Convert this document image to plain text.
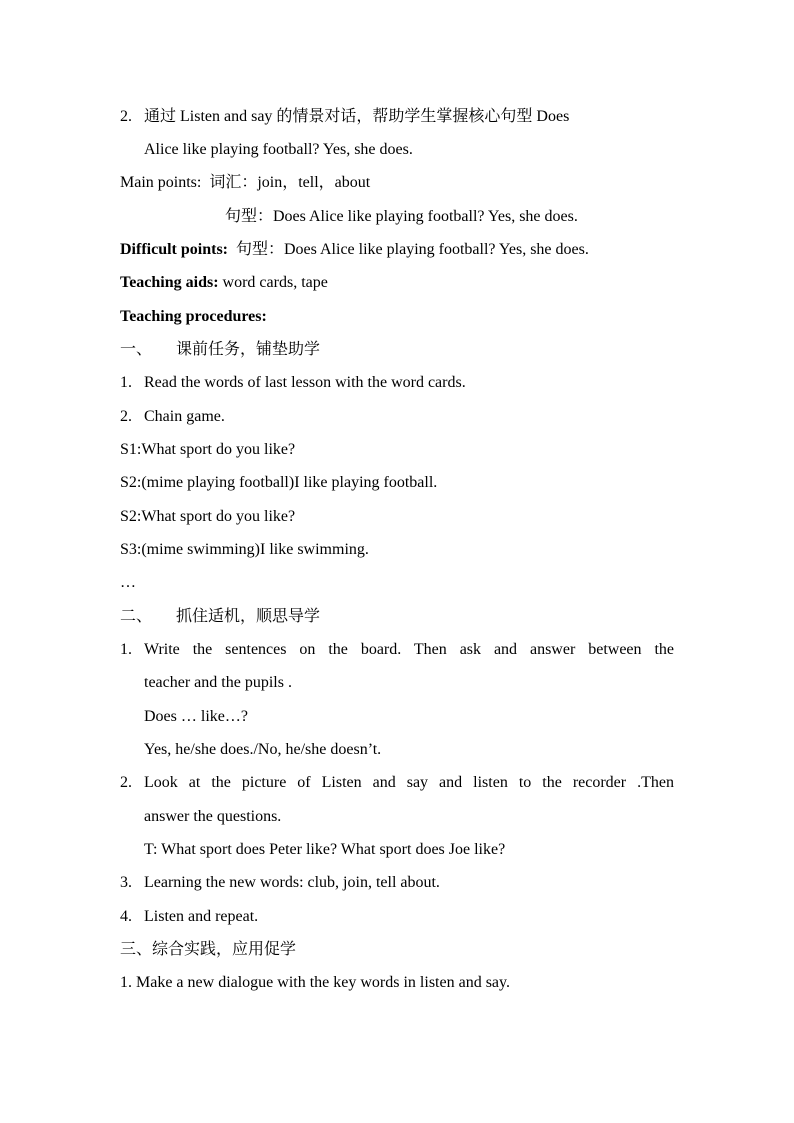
2. 通过 Listen and say 的情景对话，帮助学生掌握核心句型 Does
Alice like playing football? Yes, she does.
Main points: 词汇：join，tell，about
句型：Does Alice like playing football? Yes, she does.
Difficult points: 句型：Does Alice like playing football? Yes, she does.
Teaching aids: word cards, tape
Teaching procedures:
一、 课前任务，铺垫助学
1. Read the words of last lesson with the word cards.
2. Chain game.
S1:What sport do you like?
S2:(mime playing football)I like playing football.
S2:What sport do you like?
S3:(mime swimming)I like swimming.
…
二、 抓住适机，顺思导学
1. Write the sentences on the board. Then ask and answer between the
teacher and the pupils .
Does … like…?
Yes, he/she does./No, he/she doesn’t.
2. Look at the picture of Listen and say and listen to the recorder .Then
answer the questions.
T: What sport does Peter like? What sport does Joe like?
3. Learning the new words: club, join, tell about.
4. Listen and repeat.
三、综合实践，应用促学
1. Make a new dialogue with the key words in listen and say.
